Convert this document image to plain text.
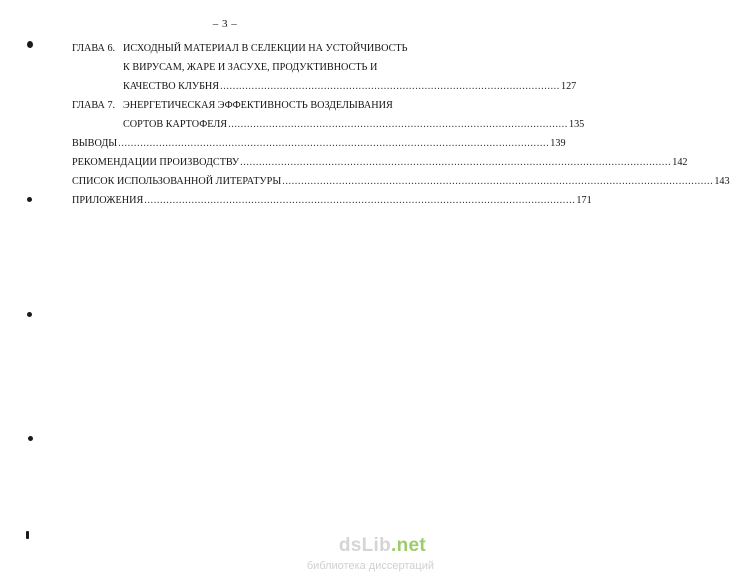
– 3 –
ГЛАВА 6. ИСХОДНЫЙ МАТЕРИАЛ В СЕЛЕКЦИИ НА УСТОЙЧИВОСТЬ
К ВИРУСАМ, ЖАРЕ И ЗАСУХЕ, ПРОДУКТИВНОСТЬ И
КАЧЕСТВО КЛУБНЯ ............................................................................................................ 127
ГЛАВА 7. ЭНЕРГЕТИЧЕСКАЯ ЭФФЕКТИВНОСТЬ ВОЗДЕЛЫВАНИЯ
СОРТОВ КАРТОФЕЛЯ ............................................................................................................ 135
ВЫВОДЫ ......................................................................................................................................... 139
РЕКОМЕНДАЦИИ ПРОИЗВОДСТВУ ......................................................................................................................................... 142
СПИСОК ИСПОЛЬЗОВАННОЙ ЛИТЕРАТУРЫ ......................................................................................................................................... 143
ПРИЛОЖЕНИЯ ......................................................................................................................................... 171
dsLib.net
библиотека диссертаций
